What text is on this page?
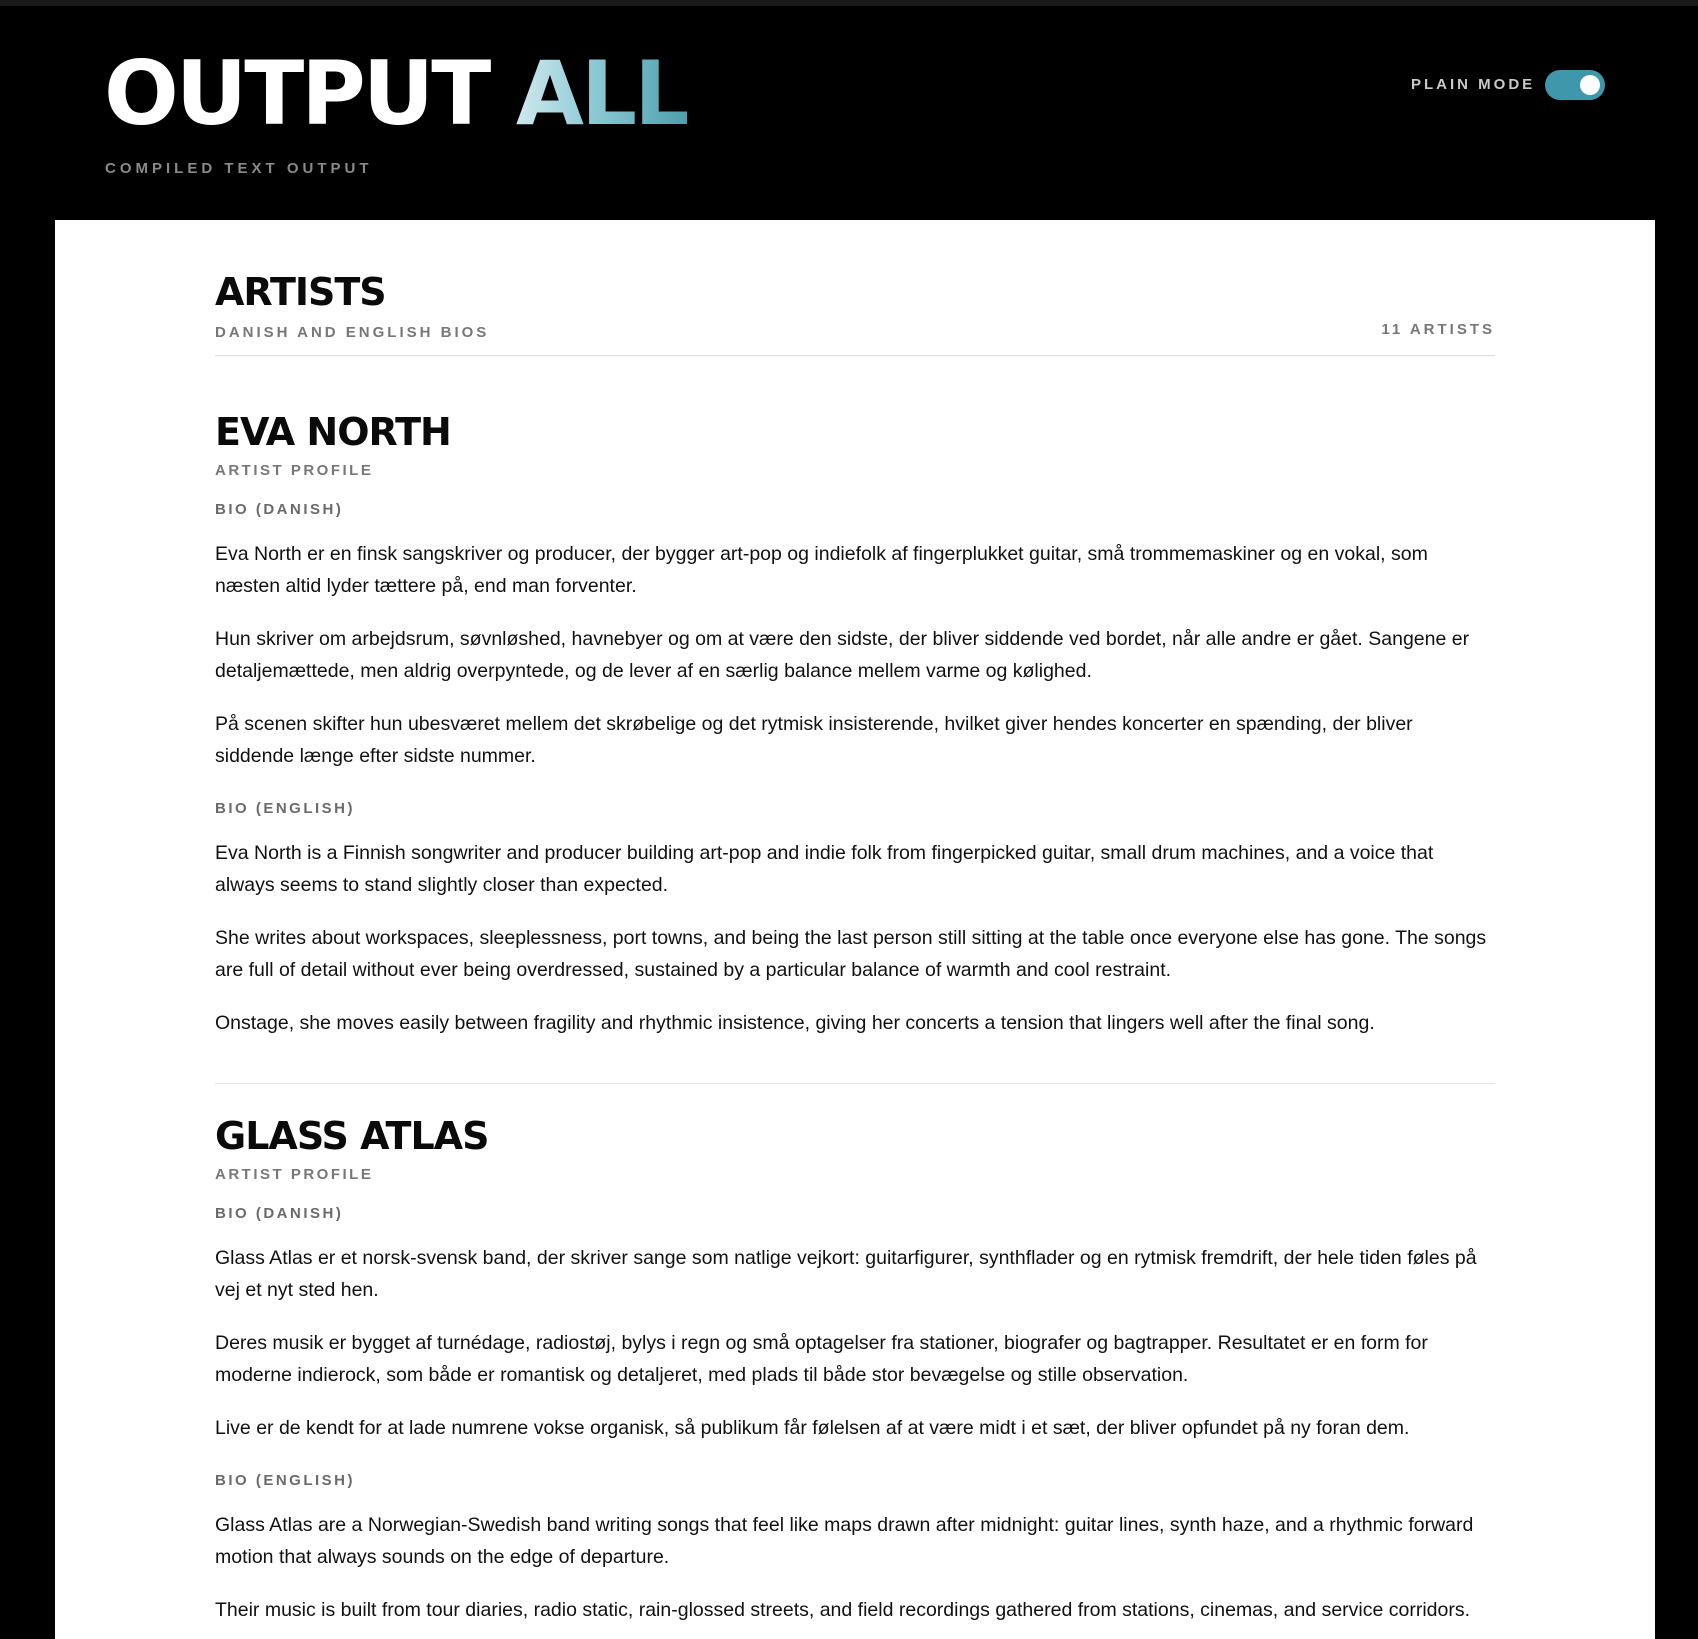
OUTPUT ALL
COMPILED TEXT OUTPUT
PLAIN MODE
ARTISTS
DANISH AND ENGLISH BIOS	11 ARTISTS
EVA NORTH
ARTIST PROFILE
BIO (DANISH)

Eva North er en finsk sangskriver og producer, der bygger art-pop og indiefolk af fingerplukket guitar, små trommemaskiner og en vokal, som næsten altid lyder tættere på, end man forventer.

Hun skriver om arbejdsrum, søvnløshed, havnebyer og om at være den sidste, der bliver siddende ved bordet, når alle andre er gået. Sangene er detaljemættede, men aldrig overpyntede, og de lever af en særlig balance mellem varme og kølighed.

På scenen skifter hun ubesværet mellem det skrøbelige og det rytmisk insisterende, hvilket giver hendes koncerter en spænding, der bliver siddende længe efter sidste nummer.

BIO (ENGLISH)

Eva North is a Finnish songwriter and producer building art-pop and indie folk from fingerpicked guitar, small drum machines, and a voice that always seems to stand slightly closer than expected.

She writes about workspaces, sleeplessness, port towns, and being the last person still sitting at the table once everyone else has gone. The songs are full of detail without ever being overdressed, sustained by a particular balance of warmth and cool restraint.

Onstage, she moves easily between fragility and rhythmic insistence, giving her concerts a tension that lingers well after the final song.

GLASS ATLAS
ARTIST PROFILE
BIO (DANISH)

Glass Atlas er et norsk-svensk band, der skriver sange som natlige vejkort: guitarfigurer, synthflader og en rytmisk fremdrift, der hele tiden føles på vej et nyt sted hen.

Deres musik er bygget af turnédage, radiostøj, bylys i regn og små optagelser fra stationer, biografer og bagtrapper. Resultatet er en form for moderne indierock, som både er romantisk og detaljeret, med plads til både stor bevægelse og stille observation.

Live er de kendt for at lade numrene vokse organisk, så publikum får følelsen af at være midt i et sæt, der bliver opfundet på ny foran dem.

BIO (ENGLISH)

Glass Atlas are a Norwegian-Swedish band writing songs that feel like maps drawn after midnight: guitar lines, synth haze, and a rhythmic forward motion that always sounds on the edge of departure.

Their music is built from tour diaries, radio static, rain-glossed streets, and field recordings gathered from stations, cinemas, and service corridors.
